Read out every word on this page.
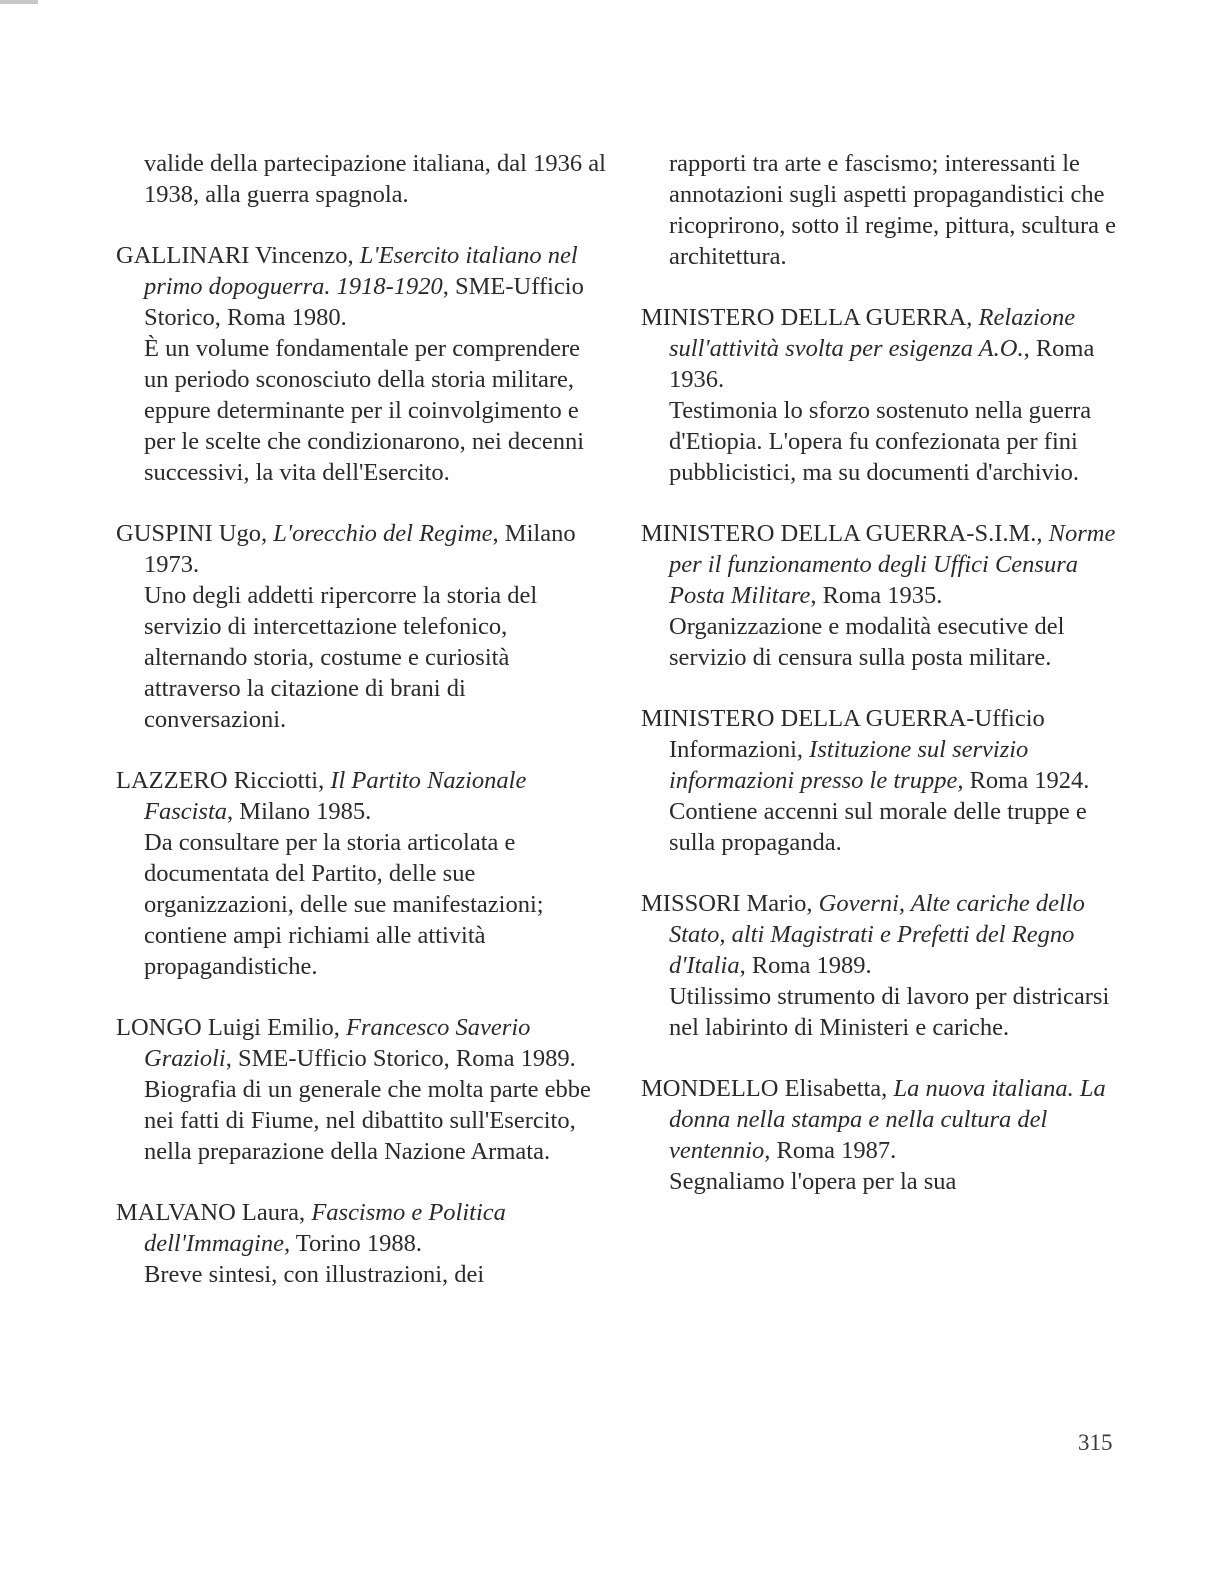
valide della partecipazione italiana, dal 1936 al 1938, alla guerra spagnola.
GALLINARI Vincenzo, L'Esercito italiano nel primo dopoguerra. 1918-1920, SME-Ufficio Storico, Roma 1980.
È un volume fondamentale per comprendere un periodo sconosciuto della storia militare, eppure determinante per il coinvolgimento e per le scelte che condizionarono, nei decenni successivi, la vita dell'Esercito.
GUSPINI Ugo, L'orecchio del Regime, Milano 1973.
Uno degli addetti ripercorre la storia del servizio di intercettazione telefonico, alternando storia, costume e curiosità attraverso la citazione di brani di conversazioni.
LAZZERO Ricciotti, Il Partito Nazionale Fascista, Milano 1985.
Da consultare per la storia articolata e documentata del Partito, delle sue organizzazioni, delle sue manifestazioni; contiene ampi richiami alle attività propagandistiche.
LONGO Luigi Emilio, Francesco Saverio Grazioli, SME-Ufficio Storico, Roma 1989.
Biografia di un generale che molta parte ebbe nei fatti di Fiume, nel dibattito sull'Esercito, nella preparazione della Nazione Armata.
MALVANO Laura, Fascismo e Politica dell'Immagine, Torino 1988.
Breve sintesi, con illustrazioni, dei
rapporti tra arte e fascismo; interessanti le annotazioni sugli aspetti propagandistici che ricoprirono, sotto il regime, pittura, scultura e architettura.
MINISTERO DELLA GUERRA, Relazione sull'attività svolta per esigenza A.O., Roma 1936.
Testimonia lo sforzo sostenuto nella guerra d'Etiopia. L'opera fu confezionata per fini pubblicistici, ma su documenti d'archivio.
MINISTERO DELLA GUERRA-S.I.M., Norme per il funzionamento degli Uffici Censura Posta Militare, Roma 1935.
Organizzazione e modalità esecutive del servizio di censura sulla posta militare.
MINISTERO DELLA GUERRA-Ufficio Informazioni, Istituzione sul servizio informazioni presso le truppe, Roma 1924.
Contiene accenni sul morale delle truppe e sulla propaganda.
MISSORI Mario, Governi, Alte cariche dello Stato, alti Magistrati e Prefetti del Regno d'Italia, Roma 1989.
Utilissimo strumento di lavoro per districarsi nel labirinto di Ministeri e cariche.
MONDELLO Elisabetta, La nuova italiana. La donna nella stampa e nella cultura del ventennio, Roma 1987.
Segnaliamo l'opera per la sua
315
